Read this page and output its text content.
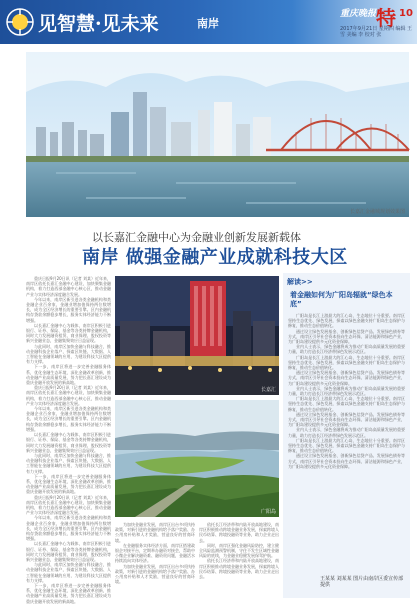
见智慧·见未来	南岸
重庆晚报 特 10
2017年9月21日 星期四 编辑 王雪 美编 李 校对 张
长嘉汇金融城规划效果图
以长嘉汇金融中心为金融业创新发展新载体
南岸 做强金融产业成就科技大区

重庆日报9月20日讯（记者 刘某）近年来，南岸区依托长嘉汇金融中心建设，加快聚集金融机构，着力打造西部金融中心核心区，推动金融产业与实体经济深度融合发展。

今年以来，南岸区新引进各类金融机构和类金融企业百余家，金融业增加值保持两位数增长，成为全区经济增长的重要引擎。区内金融机构存贷款余额稳步增长，服务实体经济能力不断增强。

以长嘉汇金融中心为载体，南岸区积极引进银行、证券、保险、基金等各类持牌金融机构，同时大力发展融资租赁、商业保理、股权投资等新兴金融业态，金融集聚效应日益显现。

与此同时，南岸区加快金融与科技融合，推动金融科技企业落户，探索区块链、大数据、人工智能在金融领域的应用，为建设科技大区提供有力支撑。

下一步，南岸区将进一步完善金融服务体系，优化金融生态环境，深化金融改革创新，推动金融产业高质量发展，努力把长嘉汇建设成为重庆金融开放发展的新高地。

重庆日报9月20日讯（记者 刘某）近年来，南岸区依托长嘉汇金融中心建设，加快聚集金融机构，着力打造西部金融中心核心区，推动金融产业与实体经济深度融合发展。

今年以来，南岸区新引进各类金融机构和类金融企业百余家，金融业增加值保持两位数增长，成为全区经济增长的重要引擎。区内金融机构存贷款余额稳步增长，服务实体经济能力不断增强。

以长嘉汇金融中心为载体，南岸区积极引进银行、证券、保险、基金等各类持牌金融机构，同时大力发展融资租赁、商业保理、股权投资等新兴金融业态，金融集聚效应日益显现。

与此同时，南岸区加快金融与科技融合，推动金融科技企业落户，探索区块链、大数据、人工智能在金融领域的应用，为建设科技大区提供有力支撑。

下一步，南岸区将进一步完善金融服务体系，优化金融生态环境，深化金融改革创新，推动金融产业高质量发展，努力把长嘉汇建设成为重庆金融开放发展的新高地。

重庆日报9月20日讯（记者 刘某）近年来，南岸区依托长嘉汇金融中心建设，加快聚集金融机构，着力打造西部金融中心核心区，推动金融产业与实体经济深度融合发展。

今年以来，南岸区新引进各类金融机构和类金融企业百余家，金融业增加值保持两位数增长，成为全区经济增长的重要引擎。区内金融机构存贷款余额稳步增长，服务实体经济能力不断增强。

以长嘉汇金融中心为载体，南岸区积极引进银行、证券、保险、基金等各类持牌金融机构，同时大力发展融资租赁、商业保理、股权投资等新兴金融业态，金融集聚效应日益显现。

与此同时，南岸区加快金融与科技融合，推动金融科技企业落户，探索区块链、大数据、人工智能在金融领域的应用，为建设科技大区提供有力支撑。

下一步，南岸区将进一步完善金融服务体系，优化金融生态环境，深化金融改革创新，推动金融产业高质量发展，努力把长嘉汇建设成为重庆金融开放发展的新高地。

长嘉汇
广阳岛

为加快金融业发展，南岸区出台多项扶持政策，对新引进的金融机构给予落户奖励、办公用房补贴和人才奖励，营造良好的营商环境。

在金融服务实体经济方面，南岸区搭建政银企对接平台，定期举办融资对接会，帮助中小微企业解决融资难、融资贵问题，金融活水持续流向实体经济。

为加快金融业发展，南岸区出台多项扶持政策，对新引进的金融机构给予落户奖励、办公用房补贴和人才奖励，营造良好的营商环境。

依托长江经济带和内陆开放高地建设，南岸区积极推动跨境金融业务发展，探索跨境人民币结算、跨境投融资等业务，助力企业走出去。

同时，南岸区强化金融风险防控，建立健全风险监测预警机制，守住不发生区域性金融风险的底线，为金融业稳健发展保驾护航。

依托长江经济带和内陆开放高地建设，南岸区积极推动跨境金融业务发展，探索跨境人民币结算、跨境投融资等业务，助力企业走出去。

解读>>
着金融如何为广阳岛辐就“绿色本底”

广阳岛是长江上游最大的江心岛，生态地位十分重要。南岸区坚持生态优先、绿色发展，探索以绿色金融支持广阳岛生态保护与修复，推动生态价值转化。

通过设立绿色发展基金、创新绿色信贷产品、发展绿色债券等方式，南岸区引导社会资本投向生态环保、清洁能源和绿色产业，为广阳岛建设提供多元化资金保障。

业内人士表示，绿色金融将成为推动广阳岛高质量发展的重要力量，助力打造长江经济带绿色发展示范区。

广阳岛是长江上游最大的江心岛，生态地位十分重要。南岸区坚持生态优先、绿色发展，探索以绿色金融支持广阳岛生态保护与修复，推动生态价值转化。

通过设立绿色发展基金、创新绿色信贷产品、发展绿色债券等方式，南岸区引导社会资本投向生态环保、清洁能源和绿色产业，为广阳岛建设提供多元化资金保障。

业内人士表示，绿色金融将成为推动广阳岛高质量发展的重要力量，助力打造长江经济带绿色发展示范区。

广阳岛是长江上游最大的江心岛，生态地位十分重要。南岸区坚持生态优先、绿色发展，探索以绿色金融支持广阳岛生态保护与修复，推动生态价值转化。

通过设立绿色发展基金、创新绿色信贷产品、发展绿色债券等方式，南岸区引导社会资本投向生态环保、清洁能源和绿色产业，为广阳岛建设提供多元化资金保障。

业内人士表示，绿色金融将成为推动广阳岛高质量发展的重要力量，助力打造长江经济带绿色发展示范区。

广阳岛是长江上游最大的江心岛，生态地位十分重要。南岸区坚持生态优先、绿色发展，探索以绿色金融支持广阳岛生态保护与修复，推动生态价值转化。

通过设立绿色发展基金、创新绿色信贷产品、发展绿色债券等方式，南岸区引导社会资本投向生态环保、清洁能源和绿色产业，为广阳岛建设提供多元化资金保障。

王某某 刘某某 图片由南岸区委宣传部提供
